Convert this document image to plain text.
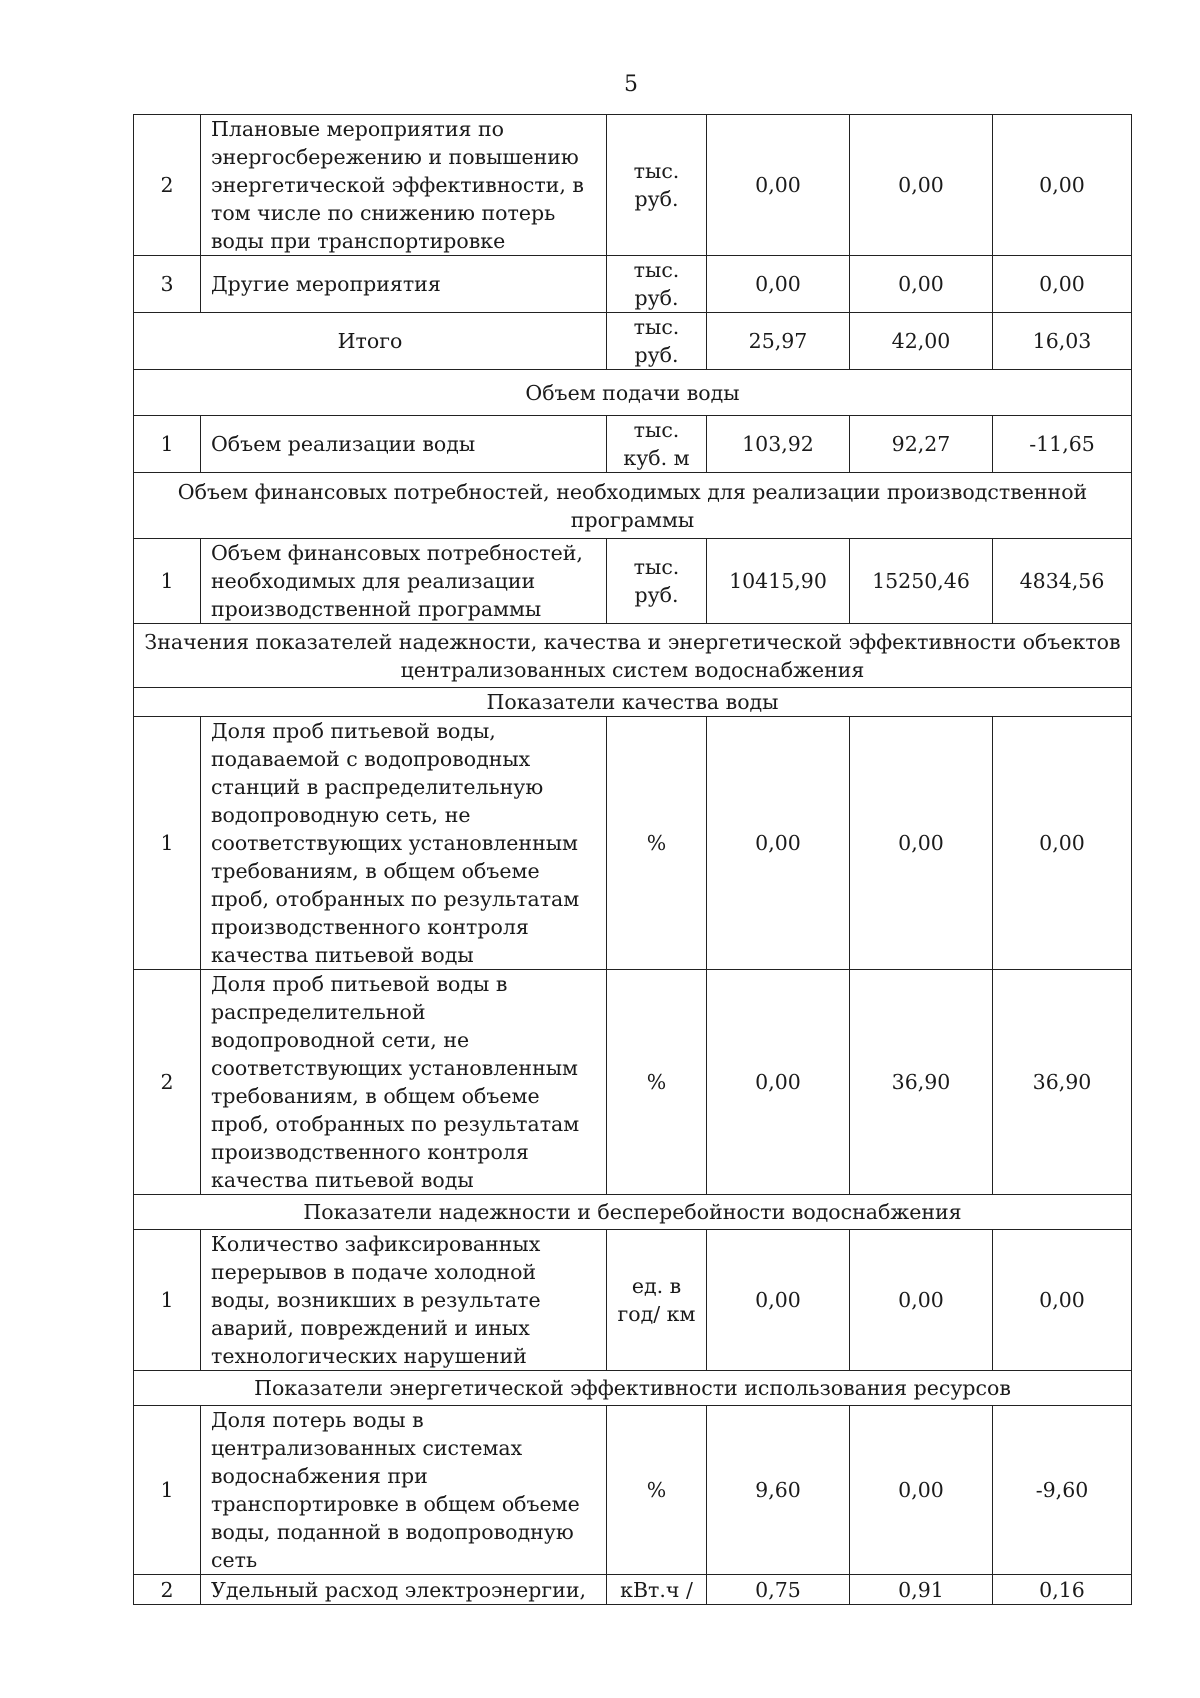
5
2	Плановые мероприятия по энергосбережению и повышению энергетической эффективности, в том числе по снижению потерь воды при транспортировке	тыс. руб.	0,00	0,00	0,00
3	Другие мероприятия	тыс. руб.	0,00	0,00	0,00
Итого		тыс. руб.	25,97	42,00	16,03
Объем подачи воды					
1	Объем реализации воды	тыс. куб. м	103,92	92,27	-11,65
Объем финансовых потребностей, необходимых для реализации производственной программы					
1	Объем финансовых потребностей, необходимых для реализации производственной программы	тыс. руб.	10415,90	15250,46	4834,56
Значения показателей надежности, качества и энергетической эффективности объектов централизованных систем водоснабжения					
Показатели качества воды					
1	Доля проб питьевой воды, подаваемой с водопроводных станций в распределительную водопроводную сеть, не соответствующих установленным требованиям, в общем объеме проб, отобранных по результатам производственного контроля качества питьевой воды	%	0,00	0,00	0,00
2	Доля проб питьевой воды в распределительной водопроводной сети, не соответствующих установленным требованиям, в общем объеме проб, отобранных по результатам производственного контроля качества питьевой воды	%	0,00	36,90	36,90
Показатели надежности и бесперебойности водоснабжения					
1	Количество зафиксированных перерывов в подаче холодной воды, возникших в результате аварий, повреждений и иных технологических нарушений	ед. в год/ км	0,00	0,00	0,00
Показатели энергетической эффективности использования ресурсов					
1	Доля потерь воды в централизованных системах водоснабжения при транспортировке в общем объеме воды, поданной в водопроводную сеть	%	9,60	0,00	-9,60
2	Удельный расход электроэнергии,	кВт.ч /	0,75	0,91	0,16
